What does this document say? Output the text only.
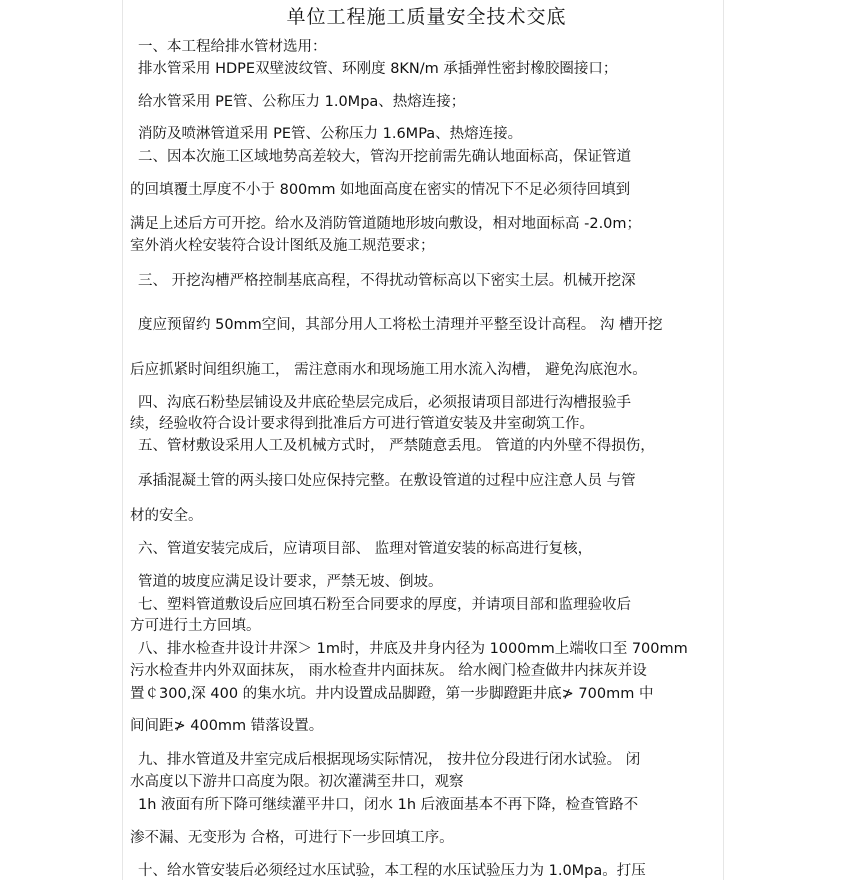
单位工程施工质量安全技术交底
一、本工程给排水管材选用：
排水管采用 HDPE双壁波纹管、环刚度 8KN/m 承插弹性密封橡胶圈接口；
给水管采用 PE管、公称压力 1.0Mpa、热熔连接；
消防及喷淋管道采用 PE管、公称压力 1.6MPa、热熔连接。
二、因本次施工区域地势高差较大，管沟开挖前需先确认地面标高，保证管道
的回填覆土厚度不小于 800mm 如地面高度在密实的情况下不足必须待回填到
满足上述后方可开挖。给水及消防管道随地形坡向敷设，相对地面标高 -2.0m；
室外消火栓安装符合设计图纸及施工规范要求；
三、 开挖沟槽严格控制基底高程，不得扰动管标高以下密实土层。机械开挖深
度应预留约 50mm空间，其部分用人工将松土清理并平整至设计高程。 沟 槽开挖
后应抓紧时间组织施工， 需注意雨水和现场施工用水流入沟槽， 避免沟底泡水。
四、沟底石粉垫层铺设及井底砼垫层完成后，必须报请项目部进行沟槽报验手
续，经验收符合设计要求得到批准后方可进行管道安装及井室砌筑工作。
五、管材敷设采用人工及机械方式时， 严禁随意丢甩。 管道的内外壁不得损伤，
承插混凝土管的两头接口处应保持完整。在敷设管道的过程中应注意人员 与管
材的安全。
六、管道安装完成后，应请项目部、 监理对管道安装的标高进行复核，
管道的坡度应满足设计要求，严禁无坡、倒坡。
七、塑料管道敷设后应回填石粉至合同要求的厚度，并请项目部和监理验收后
方可进行土方回填。
八、排水检查井设计井深＞ 1m时，井底及井身内径为 1000mm上端收口至 700mm
污水检查井内外双面抹灰， 雨水检查井内面抹灰。 给水阀门检查做井内抹灰并设
置￠300,深 400 的集水坑。井内设置成品脚蹬，第一步脚蹬距井底≯ 700mm 中
间间距≯ 400mm 错落设置。
九、排水管道及井室完成后根据现场实际情况， 按井位分段进行闭水试验。 闭
水高度以下游井口高度为限。初次灌满至井口，观察
1h 液面有所下降可继续灌平井口，闭水 1h 后液面基本不再下降，检查管路不
渗不漏、无变形为 合格，可进行下一步回填工序。
十、给水管安装后必须经过水压试验，本工程的水压试验压力为 1.0Mpa。打压
